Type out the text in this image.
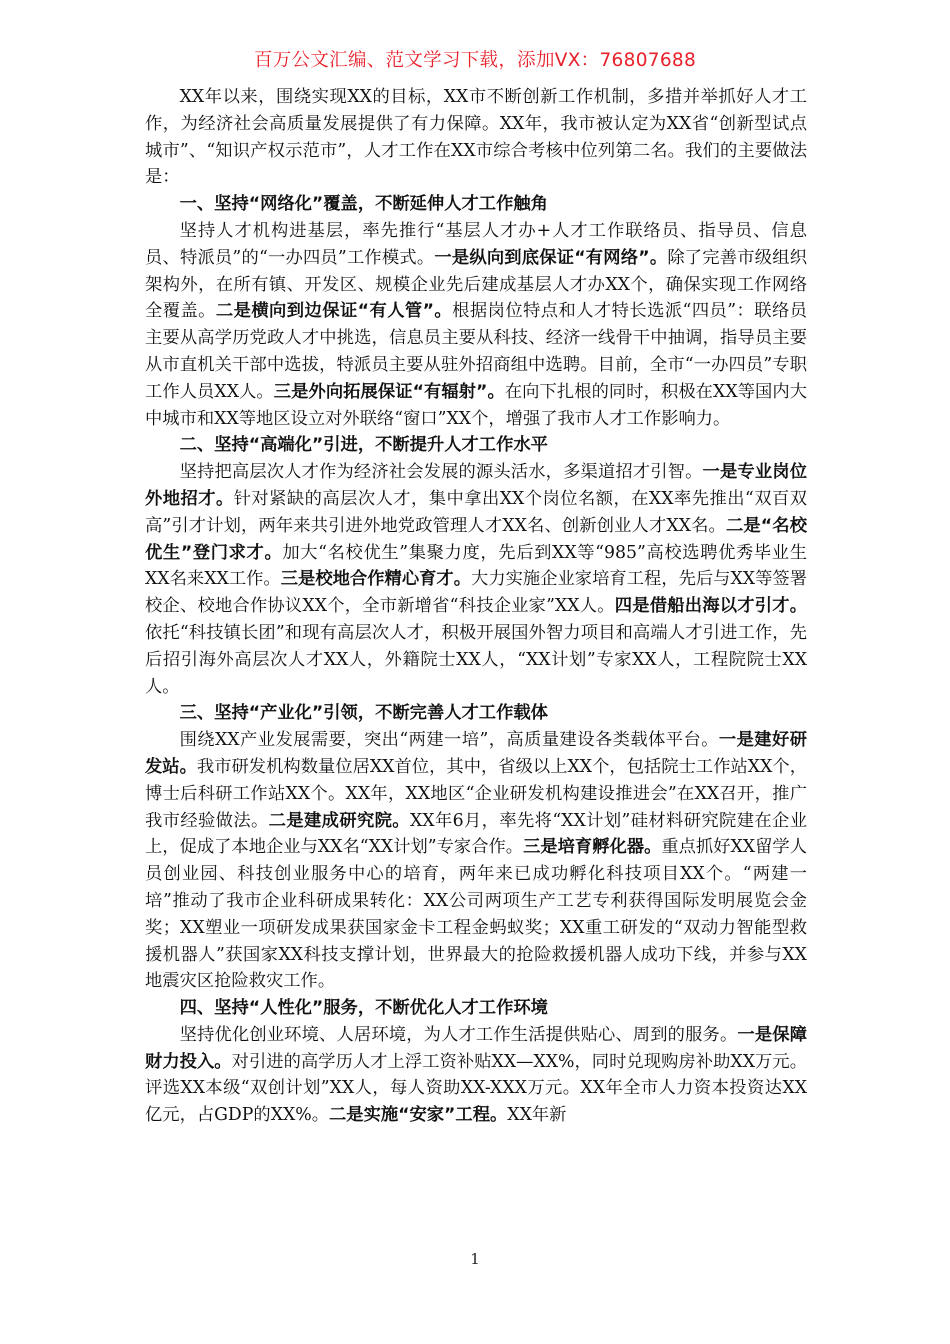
百万公文汇编、范文学习下载，添加VX：76807688

XX年以来，围绕实现XX的目标，XX市不断创新工作机制，多措并举抓好人才工作，为经济社会高质量发展提供了有力保障。XX年，我市被认定为XX省“创新型试点城市”、“知识产权示范市”，人才工作在XX市综合考核中位列第二名。我们的主要做法是：

一、坚持“网络化”覆盖，不断延伸人才工作触角

坚持人才机构进基层，率先推行“基层人才办+人才工作联络员、指导员、信息员、特派员”的“一办四员”工作模式。一是纵向到底保证“有网络”。除了完善市级组织架构外，在所有镇、开发区、规模企业先后建成基层人才办XX个，确保实现工作网络全覆盖。二是横向到边保证“有人管”。根据岗位特点和人才特长选派“四员”：联络员主要从高学历党政人才中挑选，信息员主要从科技、经济一线骨干中抽调，指导员主要从市直机关干部中选拔，特派员主要从驻外招商组中选聘。目前，全市“一办四员”专职工作人员XX人。三是外向拓展保证“有辐射”。在向下扎根的同时，积极在XX等国内大中城市和XX等地区设立对外联络“窗口”XX个，增强了我市人才工作影响力。

二、坚持“高端化”引进，不断提升人才工作水平

坚持把高层次人才作为经济社会发展的源头活水，多渠道招才引智。一是专业岗位外地招才。针对紧缺的高层次人才，集中拿出XX个岗位名额，在XX率先推出“双百双高”引才计划，两年来共引进外地党政管理人才XX名、创新创业人才XX名。二是“名校优生”登门求才。加大“名校优生”集聚力度，先后到XX等“985”高校选聘优秀毕业生XX名来XX工作。三是校地合作精心育才。大力实施企业家培育工程，先后与XX等签署校企、校地合作协议XX个，全市新增省“科技企业家”XX人。四是借船出海以才引才。依托“科技镇长团”和现有高层次人才，积极开展国外智力项目和高端人才引进工作，先后招引海外高层次人才XX人，外籍院士XX人，“XX计划”专家XX人，工程院院士XX人。

三、坚持“产业化”引领，不断完善人才工作载体

围绕XX产业发展需要，突出“两建一培”，高质量建设各类载体平台。一是建好研发站。我市研发机构数量位居XX首位，其中，省级以上XX个，包括院士工作站XX个，博士后科研工作站XX个。XX年，XX地区“企业研发机构建设推进会”在XX召开，推广我市经验做法。二是建成研究院。XX年6月，率先将“XX计划”硅材料研究院建在企业上，促成了本地企业与XX名“XX计划”专家合作。三是培育孵化器。重点抓好XX留学人员创业园、科技创业服务中心的培育，两年来已成功孵化科技项目XX个。“两建一培”推动了我市企业科研成果转化：XX公司两项生产工艺专利获得国际发明展览会金奖；XX塑业一项研发成果获国家金卡工程金蚂蚁奖；XX重工研发的“双动力智能型救援机器人”获国家XX科技支撑计划，世界最大的抢险救援机器人成功下线，并参与XX地震灾区抢险救灾工作。

四、坚持“人性化”服务，不断优化人才工作环境

坚持优化创业环境、人居环境，为人才工作生活提供贴心、周到的服务。一是保障财力投入。对引进的高学历人才上浮工资补贴XX—XX%，同时兑现购房补助XX万元。评选XX本级“双创计划”XX人，每人资助XX-XXX万元。XX年全市人力资本投资达XX亿元，占GDP的XX%。二是实施“安家”工程。XX年新

1
